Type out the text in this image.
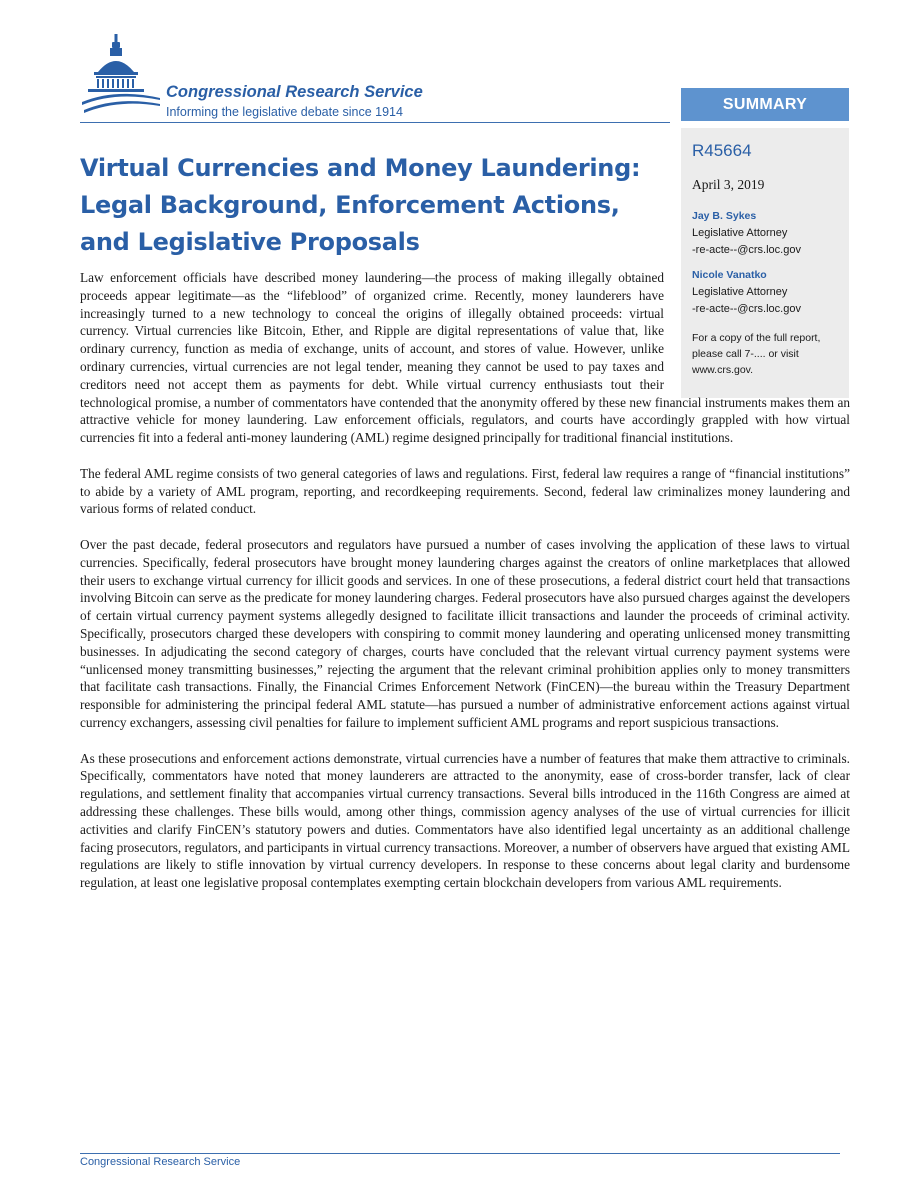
Congressional Research Service
Informing the legislative debate since 1914	SUMMARY
R45664
April 3, 2019
Jay B. Sykes
Legislative Attorney
-re-acte--@crs.loc.gov
Nicole Vanatko
Legislative Attorney
-re-acte--@crs.loc.gov
For a copy of the full report,
please call 7-.... or visit
www.crs.gov.
Virtual Currencies and Money Laundering: Legal Background, Enforcement Actions, and Legislative Proposals

Law enforcement officials have described money laundering—the process of making illegally obtained proceeds appear legitimate—as the “lifeblood” of organized crime. Recently, money launderers have increasingly turned to a new technology to conceal the origins of illegally obtained proceeds: virtual currency. Virtual currencies like Bitcoin, Ether, and Ripple are digital representations of value that, like ordinary currency, function as media of exchange, units of account, and stores of value. However, unlike ordinary currencies, virtual currencies are not legal tender, meaning they cannot be used to pay taxes and creditors need not accept them as payments for debt. While virtual currency enthusiasts tout their technological promise, a number of commentators have contended that the anonymity offered by these new financial instruments makes them an attractive vehicle for money laundering. Law enforcement officials, regulators, and courts have accordingly grappled with how virtual currencies fit into a federal anti-money laundering (AML) regime designed principally for traditional financial institutions.

The federal AML regime consists of two general categories of laws and regulations. First, federal law requires a range of “financial institutions” to abide by a variety of AML program, reporting, and recordkeeping requirements. Second, federal law criminalizes money laundering and various forms of related conduct.

Over the past decade, federal prosecutors and regulators have pursued a number of cases involving the application of these laws to virtual currencies. Specifically, federal prosecutors have brought money laundering charges against the creators of online marketplaces that allowed their users to exchange virtual currency for illicit goods and services. In one of these prosecutions, a federal district court held that transactions involving Bitcoin can serve as the predicate for money laundering charges. Federal prosecutors have also pursued charges against the developers of certain virtual currency payment systems allegedly designed to facilitate illicit transactions and launder the proceeds of criminal activity. Specifically, prosecutors charged these developers with conspiring to commit money laundering and operating unlicensed money transmitting businesses. In adjudicating the second category of charges, courts have concluded that the relevant virtual currency payment systems were “unlicensed money transmitting businesses,” rejecting the argument that the relevant criminal prohibition applies only to money transmitters that facilitate cash transactions. Finally, the Financial Crimes Enforcement Network (FinCEN)—the bureau within the Treasury Department responsible for administering the principal federal AML statute—has pursued a number of administrative enforcement actions against virtual currency exchangers, assessing civil penalties for failure to implement sufficient AML programs and report suspicious transactions.

As these prosecutions and enforcement actions demonstrate, virtual currencies have a number of features that make them attractive to criminals. Specifically, commentators have noted that money launderers are attracted to the anonymity, ease of cross-border transfer, lack of clear regulations, and settlement finality that accompanies virtual currency transactions. Several bills introduced in the 116th Congress are aimed at addressing these challenges. These bills would, among other things, commission agency analyses of the use of virtual currencies for illicit activities and clarify FinCEN’s statutory powers and duties. Commentators have also identified legal uncertainty as an additional challenge facing prosecutors, regulators, and participants in virtual currency transactions. Moreover, a number of observers have argued that existing AML regulations are likely to stifle innovation by virtual currency developers. In response to these concerns about legal clarity and burdensome regulation, at least one legislative proposal contemplates exempting certain blockchain developers from various AML requirements.

Congressional Research Service
